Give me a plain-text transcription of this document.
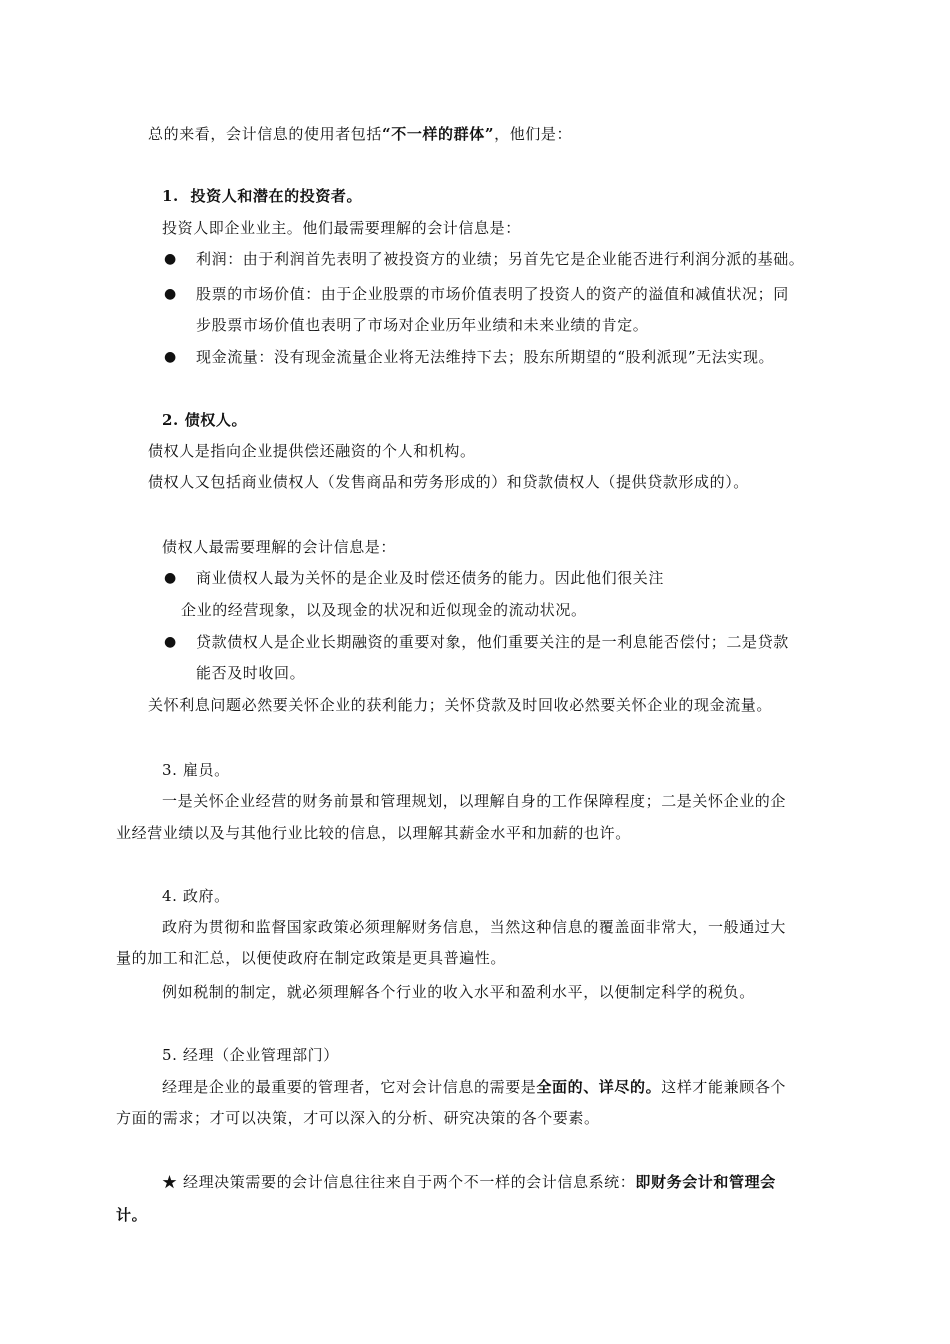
总的来看，会计信息的使用者包括“不一样的群体”，他们是：
1. 投资人和潜在的投资者。
投资人即企业业主。他们最需要理解的会计信息是：
● 利润：由于利润首先表明了被投资方的业绩；另首先它是企业能否进行利润分派的基础。
● 股票的市场价值：由于企业股票的市场价值表明了投资人的资产的溢值和减值状况；同
步股票市场价值也表明了市场对企业历年业绩和未来业绩的肯定。
● 现金流量：没有现金流量企业将无法维持下去；股东所期望的“股利派现”无法实现。
2. 债权人。
债权人是指向企业提供偿还融资的个人和机构。
债权人又包括商业债权人（发售商品和劳务形成的）和贷款债权人（提供贷款形成的）。
债权人最需要理解的会计信息是：
● 商业债权人最为关怀的是企业及时偿还债务的能力。因此他们很关注
企业的经营现象，以及现金的状况和近似现金的流动状况。
● 贷款债权人是企业长期融资的重要对象，他们重要关注的是一利息能否偿付；二是贷款
能否及时收回。
关怀利息问题必然要关怀企业的获利能力；关怀贷款及时回收必然要关怀企业的现金流量。
3. 雇员。
一是关怀企业经营的财务前景和管理规划，以理解自身的工作保障程度；二是关怀企业的企
业经营业绩以及与其他行业比较的信息，以理解其薪金水平和加薪的也许。
4. 政府。
政府为贯彻和监督国家政策必须理解财务信息，当然这种信息的覆盖面非常大，一般通过大
量的加工和汇总，以便使政府在制定政策是更具普遍性。
例如税制的制定，就必须理解各个行业的收入水平和盈利水平，以便制定科学的税负。
5. 经理（企业管理部门）
经理是企业的最重要的管理者，它对会计信息的需要是全面的、详尽的。这样才能兼顾各个
方面的需求；才可以决策，才可以深入的分析、研究决策的各个要素。
★ 经理决策需要的会计信息往往来自于两个不一样的会计信息系统：即财务会计和管理会
计。
